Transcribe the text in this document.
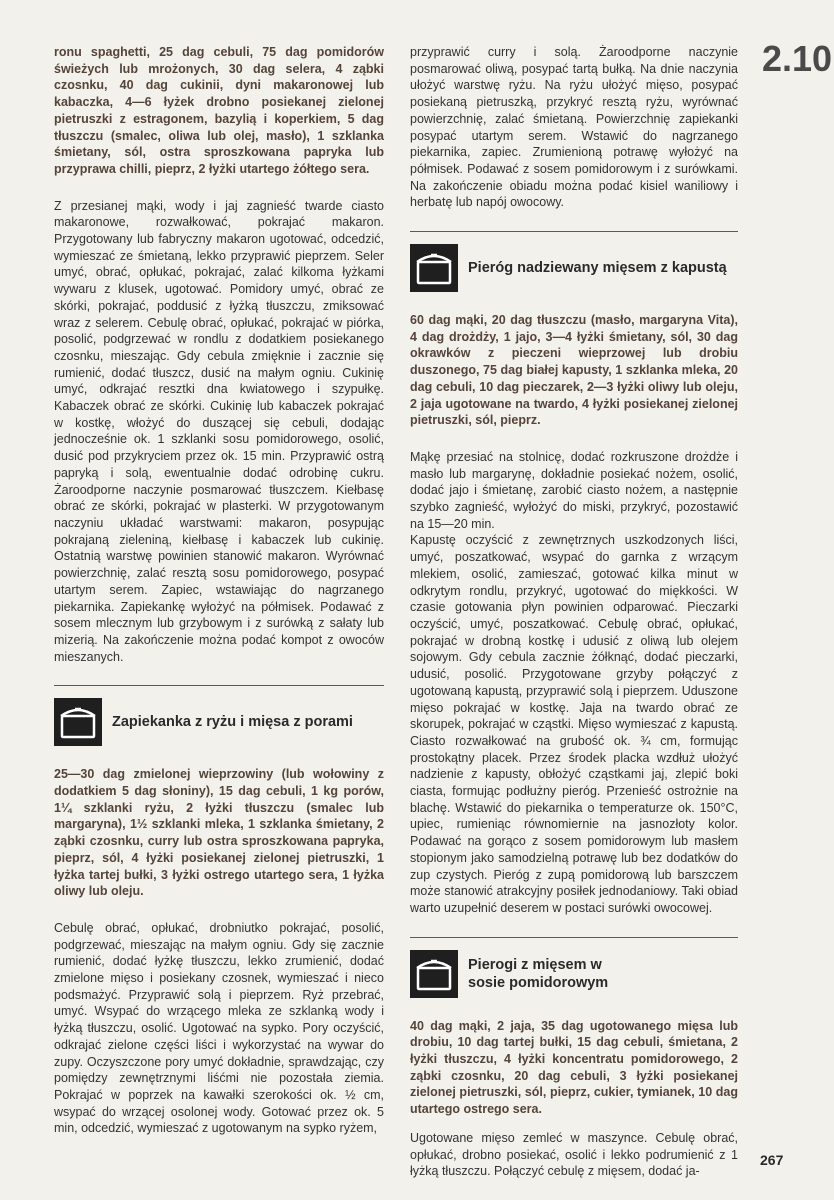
2.10

ronu spaghetti, 25 dag cebuli, 75 dag pomidorów świeżych lub mrożonych, 30 dag selera, 4 ząbki czosnku, 40 dag cukinii, dyni makaronowej lub kabaczka, 4—6 łyżek drobno posiekanej zielonej pietruszki z estragonem, bazylią i koperkiem, 5 dag tłuszczu (smalec, oliwa lub olej, masło), 1 szklanka śmietany, sól, ostra sproszkowana papryka lub przyprawa chilli, pieprz, 2 łyżki utartego żółtego sera.

Z przesianej mąki, wody i jaj zagnieść twarde ciasto makaronowe, rozwałkować, pokrajać makaron. Przygotowany lub fabryczny makaron ugotować, odcedzić, wymieszać ze śmietaną, lekko przyprawić pieprzem. Seler umyć, obrać, opłukać, pokrajać, zalać kilkoma łyżkami wywaru z klusek, ugotować. Pomidory umyć, obrać ze skórki, pokrajać, poddusić z łyżką tłuszczu, zmiksować wraz z selerem. Cebulę obrać, opłukać, pokrajać w piórka, posolić, podgrzewać w rondlu z dodatkiem posiekanego czosnku, mieszając. Gdy cebula zmięknie i zacznie się rumienić, dodać tłuszcz, dusić na małym ogniu. Cukinię umyć, odkrajać resztki dna kwiatowego i szypułkę. Kabaczek obrać ze skórki. Cukinię lub kabaczek pokrajać w kostkę, włożyć do duszącej się cebuli, dodając jednocześnie ok. 1 szklanki sosu pomidorowego, osolić, dusić pod przykryciem przez ok. 15 min. Przyprawić ostrą papryką i solą, ewentualnie dodać odrobinę cukru. Żaroodporne naczynie posmarować tłuszczem. Kiełbasę obrać ze skórki, pokrajać w plasterki. W przygotowanym naczyniu układać warstwami: makaron, posypując pokrajaną zieleniną, kiełbasę i kabaczek lub cukinię. Ostatnią warstwę powinien stanowić makaron. Wyrównać powierzchnię, zalać resztą sosu pomidorowego, posypać utartym serem. Zapiec, wstawiając do nagrzanego piekarnika. Zapiekankę wyłożyć na półmisek. Podawać z sosem mlecznym lub grzybowym i z surówką z sałaty lub mizerią. Na zakończenie można podać kompot z owoców mieszanych.

Zapiekanka z ryżu i mięsa z porami

25—30 dag zmielonej wieprzowiny (lub wołowiny z dodatkiem 5 dag słoniny), 15 dag cebuli, 1 kg porów, 1¼ szklanki ryżu, 2 łyżki tłuszczu (smalec lub margaryna), 1½ szklanki mleka, 1 szklanka śmietany, 2 ząbki czosnku, curry lub ostra sproszkowana papryka, pieprz, sól, 4 łyżki posiekanej zielonej pietruszki, 1 łyżka tartej bułki, 3 łyżki ostrego utartego sera, 1 łyżka oliwy lub oleju.

Cebulę obrać, opłukać, drobniutko pokrajać, posolić, podgrzewać, mieszając na małym ogniu. Gdy się zacznie rumienić, dodać łyżkę tłuszczu, lekko zrumienić, dodać zmielone mięso i posiekany czosnek, wymieszać i nieco podsmażyć. Przyprawić solą i pieprzem. Ryż przebrać, umyć. Wsypać do wrzącego mleka ze szklanką wody i łyżką tłuszczu, osolić. Ugotować na sypko. Pory oczyścić, odkrajać zielone części liści i wykorzystać na wywar do zupy. Oczyszczone pory umyć dokładnie, sprawdzając, czy pomiędzy zewnętrznymi liśćmi nie pozostała ziemia. Pokrajać w poprzek na kawałki szerokości ok. ½ cm, wsypać do wrzącej osolonej wody. Gotować przez ok. 5 min, odcedzić, wymieszać z ugotowanym na sypko ryżem,

przyprawić curry i solą. Żaroodporne naczynie posmarować oliwą, posypać tartą bułką. Na dnie naczynia ułożyć warstwę ryżu. Na ryżu ułożyć mięso, posypać posiekaną pietruszką, przykryć resztą ryżu, wyrównać powierzchnię, zalać śmietaną. Powierzchnię zapiekanki posypać utartym serem. Wstawić do nagrzanego piekarnika, zapiec. Zrumienioną potrawę wyłożyć na półmisek. Podawać z sosem pomidorowym i z surówkami. Na zakończenie obiadu można podać kisiel waniliowy i herbatę lub napój owocowy.

Pieróg nadziewany mięsem z kapustą

60 dag mąki, 20 dag tłuszczu (masło, margaryna Vita), 4 dag drożdży, 1 jajo, 3—4 łyżki śmietany, sól, 30 dag okrawków z pieczeni wieprzowej lub drobiu duszonego, 75 dag białej kapusty, 1 szklanka mleka, 20 dag cebuli, 10 dag pieczarek, 2—3 łyżki oliwy lub oleju, 2 jaja ugotowane na twardo, 4 łyżki posiekanej zielonej pietruszki, sól, pieprz.

Mąkę przesiać na stolnicę, dodać rozkruszone drożdże i masło lub margarynę, dokładnie posiekać nożem, osolić, dodać jajo i śmietanę, zarobić ciasto nożem, a następnie szybko zagnieść, wyłożyć do miski, przykryć, pozostawić na 15—20 min.

Kapustę oczyścić z zewnętrznych uszkodzonych liści, umyć, poszatkować, wsypać do garnka z wrzącym mlekiem, osolić, zamieszać, gotować kilka minut w odkrytym rondlu, przykryć, ugotować do miękkości. W czasie gotowania płyn powinien odparować. Pieczarki oczyścić, umyć, poszatkować. Cebulę obrać, opłukać, pokrajać w drobną kostkę i udusić z oliwą lub olejem sojowym. Gdy cebula zacznie żółknąć, dodać pieczarki, udusić, posolić. Przygotowane grzyby połączyć z ugotowaną kapustą, przyprawić solą i pieprzem. Uduszone mięso pokrajać w kostkę. Jaja na twardo obrać ze skorupek, pokrajać w cząstki. Mięso wymieszać z kapustą. Ciasto rozwałkować na grubość ok. ¾ cm, formując prostokątny placek. Przez środek placka wzdłuż ułożyć nadzienie z kapusty, obłożyć cząstkami jaj, zlepić boki ciasta, formując podłużny pieróg. Przenieść ostrożnie na blachę. Wstawić do piekarnika o temperaturze ok. 150°C, upiec, rumieniąc równomiernie na jasnozłoty kolor. Podawać na gorąco z sosem pomidorowym lub masłem stopionym jako samodzielną potrawę lub bez dodatków do zup czystych. Pieróg z zupą pomidorową lub barszczem może stanowić atrakcyjny posiłek jednodaniowy. Taki obiad warto uzupełnić deserem w postaci surówki owocowej.

Pierogi z mięsem w sosie pomidorowym

40 dag mąki, 2 jaja, 35 dag ugotowanego mięsa lub drobiu, 10 dag tartej bułki, 15 dag cebuli, śmietana, 2 łyżki tłuszczu, 4 łyżki koncentratu pomidorowego, 2 ząbki czosnku, 20 dag cebuli, 3 łyżki posiekanej zielonej pietruszki, sól, pieprz, cukier, tymianek, 10 dag utartego ostrego sera.

Ugotowane mięso zemleć w maszynce. Cebulę obrać, opłukać, drobno posiekać, osolić i lekko podrumienić z 1 łyżką tłuszczu. Połączyć cebulę z mięsem, dodać ja-

267
